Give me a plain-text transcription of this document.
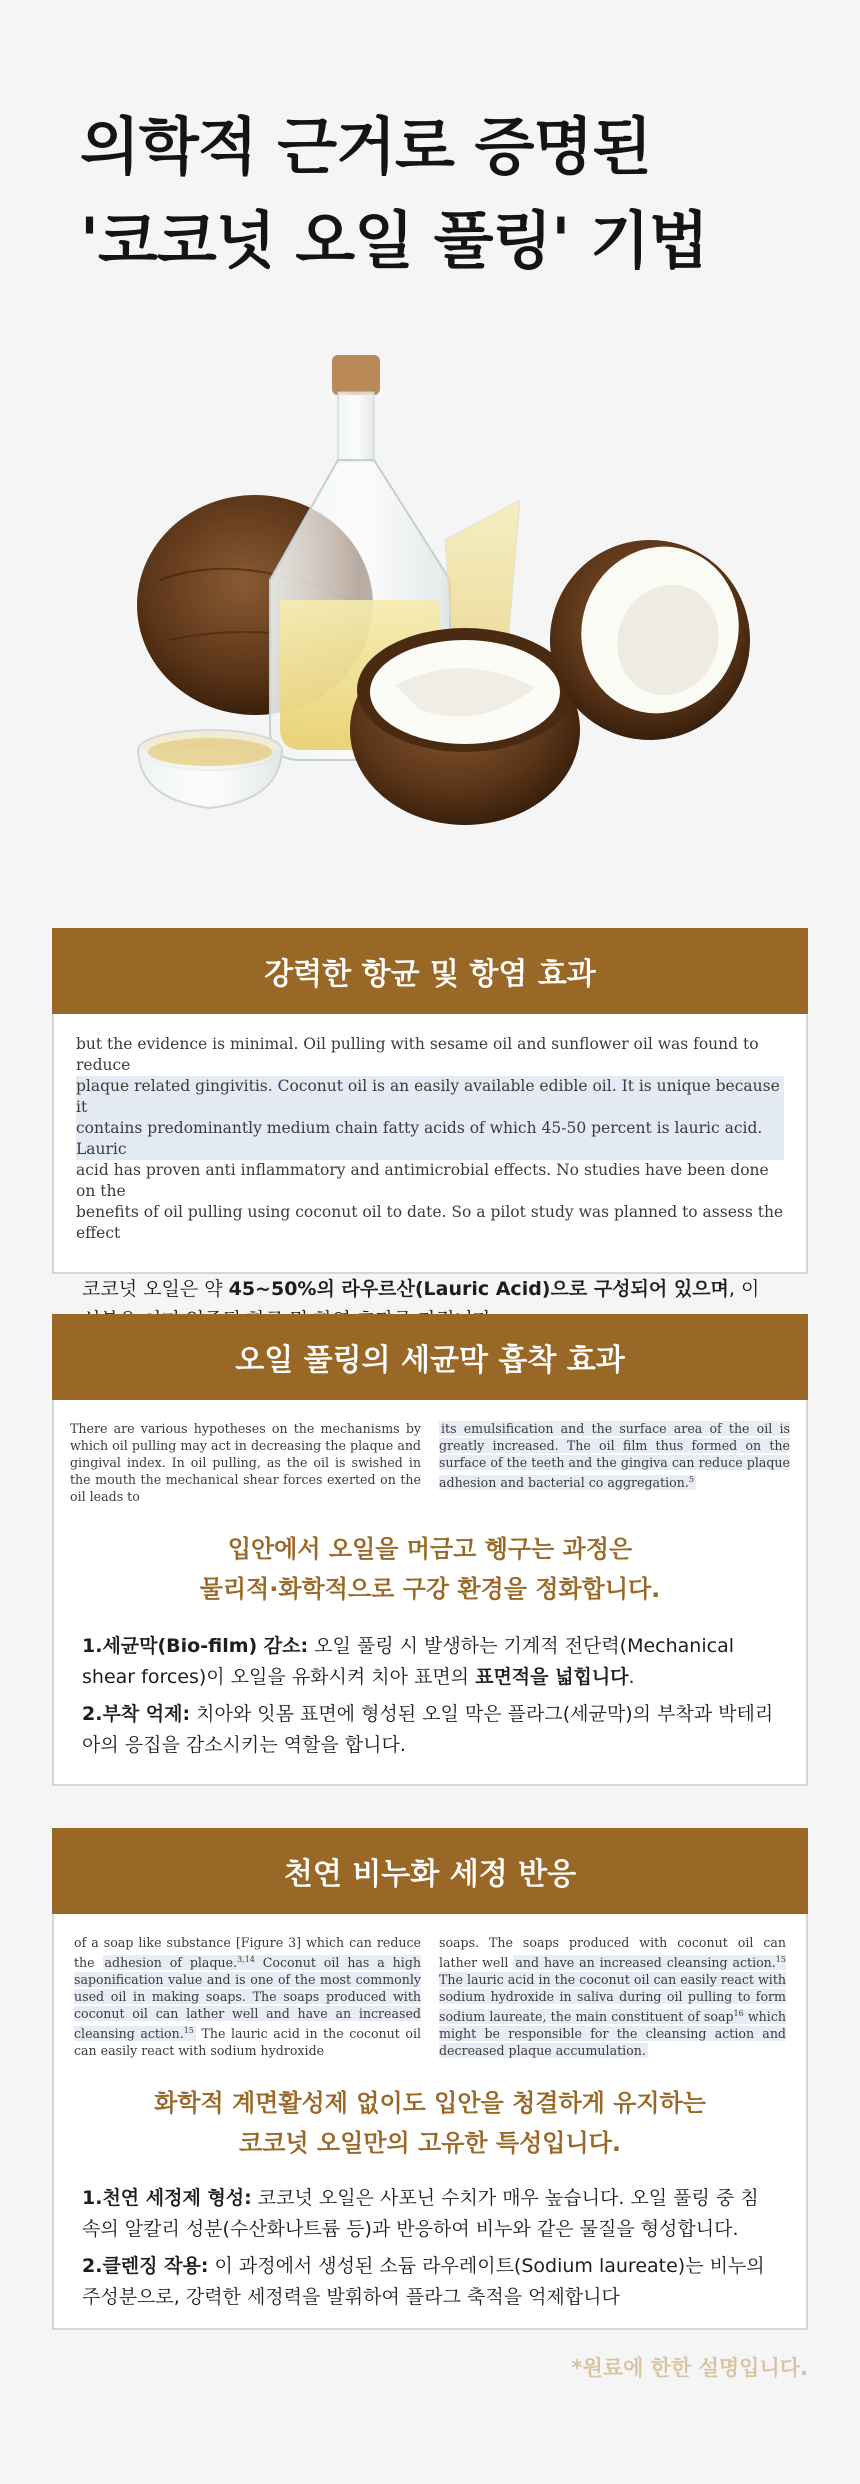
의학적 근거로 증명된
'코코넛 오일 풀링' 기법
강력한 항균 및 항염 효과
but the evidence is minimal. Oil pulling with sesame oil and sunflower oil was found to reduce
plaque related gingivitis. Coconut oil is an easily available edible oil. It is unique because it
contains predominantly medium chain fatty acids of which 45-50 percent is lauric acid. Lauric
acid has proven anti inflammatory and antimicrobial effects. No studies have been done on the
benefits of oil pulling using coconut oil to date. So a pilot study was planned to assess the effect
코코넛 오일은 약 45~50%의 라우르산(Lauric Acid)으로 구성되어 있으며, 이
오일 풀링의 세균막 흡착 효과
There are various hypotheses on the mechanisms by which oil pulling may act in decreasing the plaque and gingival index. In oil pulling, as the oil is swished in the mouth the mechanical shear forces exerted on the oil leads to
its emulsification and the surface area of the oil is greatly increased. The oil film thus formed on the surface of the teeth and the gingiva can reduce plaque adhesion and bacterial co aggregation.$^5$
입안에서 오일을 머금고 헹구는 과정은
물리적·화학적으로 구강 환경을 정화합니다.
1.세균막(Bio-film) 감소: 오일 풀링 시 발생하는 기계적 전단력(Mechanical shear forces)이 오일을 유화시켜 치아 표면의 표면적을 넓힙니다.
2.부착 억제: 치아와 잇몸 표면에 형성된 오일 막은 플라그(세균막)의 부착과 박테리아의 응집을 감소시키는 역할을 합니다.
천연 비누화 세정 반응
of a soap like substance [Figure 3] which can reduce the adhesion of plaque.$^{3,14}$ Coconut oil has a high saponification value and is one of the most commonly used oil in making soaps. The soaps produced with coconut oil can lather well and have an increased cleansing action.$^{15}$ The lauric acid in the coconut oil can easily react with sodium hydroxide
soaps. The soaps produced with coconut oil can lather well and have an increased cleansing action.$^{15}$ The lauric acid in the coconut oil can easily react with sodium hydroxide in saliva during oil pulling to form sodium laureate, the main constituent of soap$^{16}$ which might be responsible for the cleansing action and decreased plaque accumulation.
화학적 계면활성제 없이도 입안을 청결하게 유지하는
코코넛 오일만의 고유한 특성입니다.
1.천연 세정제 형성: 코코넛 오일은 사포닌 수치가 매우 높습니다. 오일 풀링 중 침 속의 알칼리 성분(수산화나트륨 등)과 반응하여 비누와 같은 물질을 형성합니다.
2.클렌징 작용: 이 과정에서 생성된 소듐 라우레이트(Sodium laureate)는 비누의 주성분으로, 강력한 세정력을 발휘하여 플라그 축적을 억제합니다
*원료에 한한 설명입니다.
